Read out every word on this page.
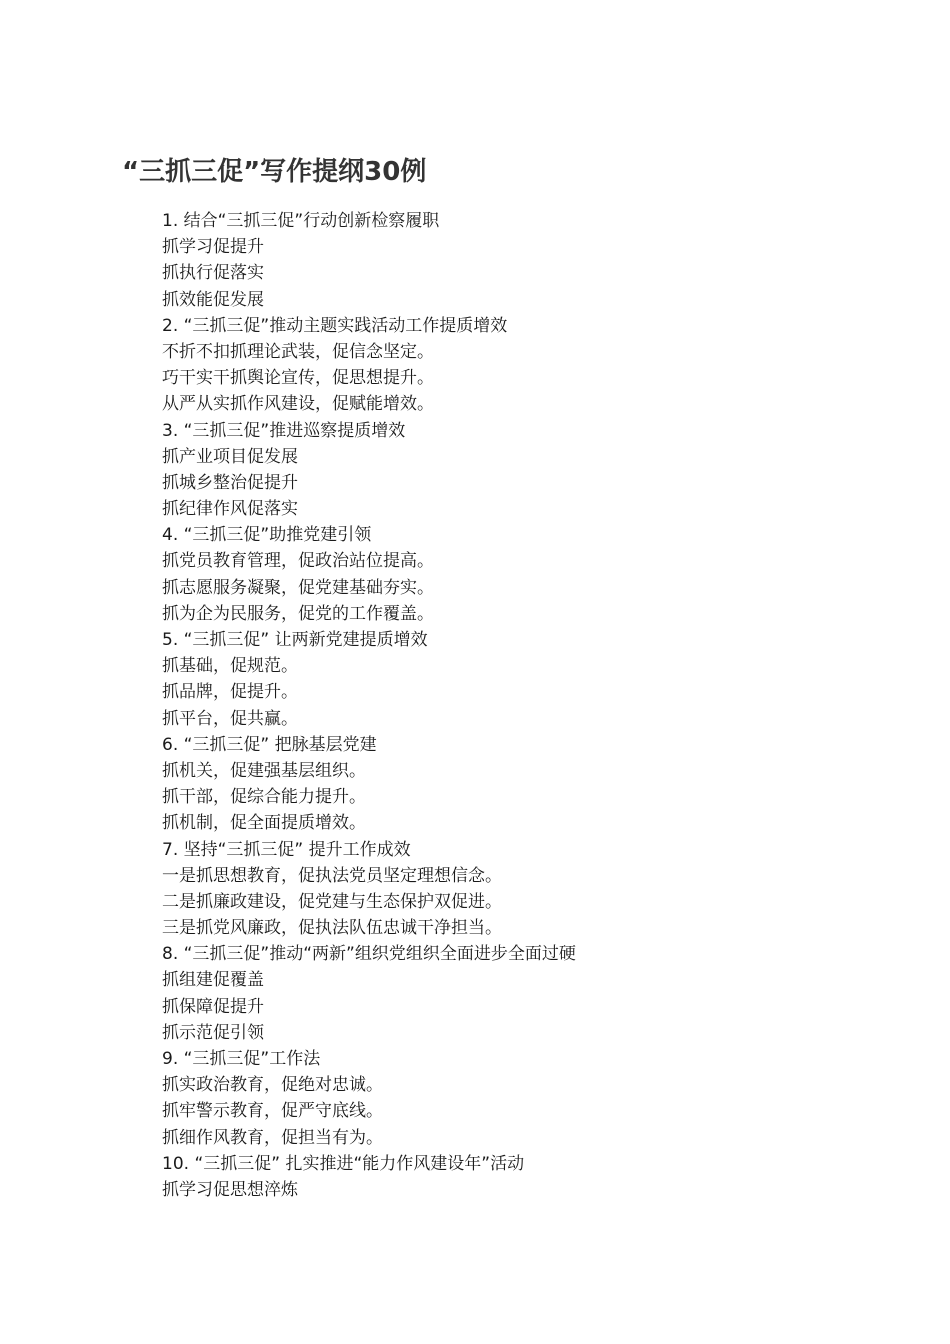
“三抓三促”写作提纲30例
1. 结合“三抓三促”行动创新检察履职
抓学习促提升
抓执行促落实
抓效能促发展
2. “三抓三促”推动主题实践活动工作提质增效
不折不扣抓理论武装，促信念坚定。
巧干实干抓舆论宣传，促思想提升。
从严从实抓作风建设，促赋能增效。
3. “三抓三促”推进巡察提质增效
抓产业项目促发展
抓城乡整治促提升
抓纪律作风促落实
4. “三抓三促”助推党建引领
抓党员教育管理，促政治站位提高。
抓志愿服务凝聚，促党建基础夯实。
抓为企为民服务，促党的工作覆盖。
5. “三抓三促” 让两新党建提质增效
抓基础，促规范。
抓品牌，促提升。
抓平台，促共赢。
6. “三抓三促” 把脉基层党建
抓机关，促建强基层组织。
抓干部，促综合能力提升。
抓机制，促全面提质增效。
7. 坚持“三抓三促” 提升工作成效
一是抓思想教育，促执法党员坚定理想信念。
二是抓廉政建设，促党建与生态保护双促进。
三是抓党风廉政，促执法队伍忠诚干净担当。
8. “三抓三促”推动“两新”组织党组织全面进步全面过硬
抓组建促覆盖
抓保障促提升
抓示范促引领
9. “三抓三促”工作法
抓实政治教育，促绝对忠诚。
抓牢警示教育，促严守底线。
抓细作风教育，促担当有为。
10. “三抓三促” 扎实推进“能力作风建设年”活动
抓学习促思想淬炼
